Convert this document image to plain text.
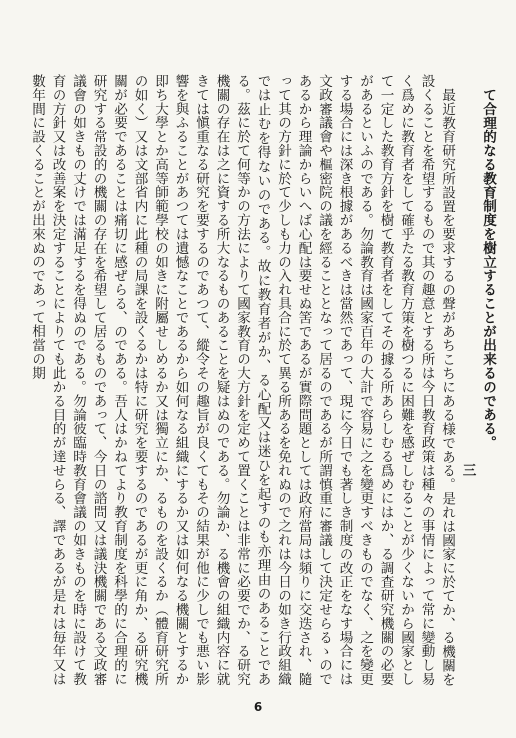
て合理的なる教育制度を樹立することが出来るのである。
三
最近教育研究所設置を要求するの聲があちこちにある様である。是れは國家に於てか、る機關を設くることを希望するもので其の趣意とする所は今日教育政策は種々の事情によって常に變動し易く爲めに教育者をして確乎たる教育方策を樹つるに困難を感ぜしむることが少くないから國家として一定した教育方針を樹て教育者をしてその據る所あらしむる爲めにはか、る調査研究機關の必要があるといふのである。勿論教育は國家百年の大計で容易に之を變更すべきものでなく、之を變更する場合には深き根據があるべきは當然であって、現に今日でも著しき制度の改正をなす場合には文政審議會や樞密院の議を經ることとなって居るのであるが所謂慎重に審議して決定せらるゝのであるから理論からいへば心配は要せぬ筈であるが實際問題としては政府當局は頻りに交迭され、隨って其の方針に於て少しも力の入れ具合に於て異る所あるを免れぬので之れは今日の如き行政組織では止むを得ないのである。故に教育者がか、る心配又は迷ひを起すのも亦理由のあることである。茲に於て何等かの方法によりて國家教育の大方針を定めて置くことは非常に必要でか、る研究機關の存在は之に資する所大なるものあることを疑はぬのである。勿論か、る機會の組織内容に就きては愼重なる研究を要するのであつて、縱令その趣旨が良くてもその結果が他に少しでも悪い影響を與ふることがあつては遺憾なことであるから如何なる組織にするか又は如何なる機關とするか即ち大學とか高等師範學校の如きに附屬せしめるか又は獨立にか、るものを設くるか（體育研究所の如く）又は文部省内に此種の局課を設くるかは特に研究を要するのであるが更に角か、る研究機關が必要であることは痛切に感ぜらる、のである。吾人はかねてより教育制度を科學的に合理的に研究する常設的の機關の存在を希望して居るものであって、今日の諮問又は議決機關である文政審議會の如きもの丈けでは滿足するを得ぬのである。勿論彼臨時教育會議の如きものを時に設けて教育の方針又は改善案を決定することによりても此かる目的が達せらる、譯であるが是れは毎年又は數年間に設くることが出來ぬのであって相當の期
6
